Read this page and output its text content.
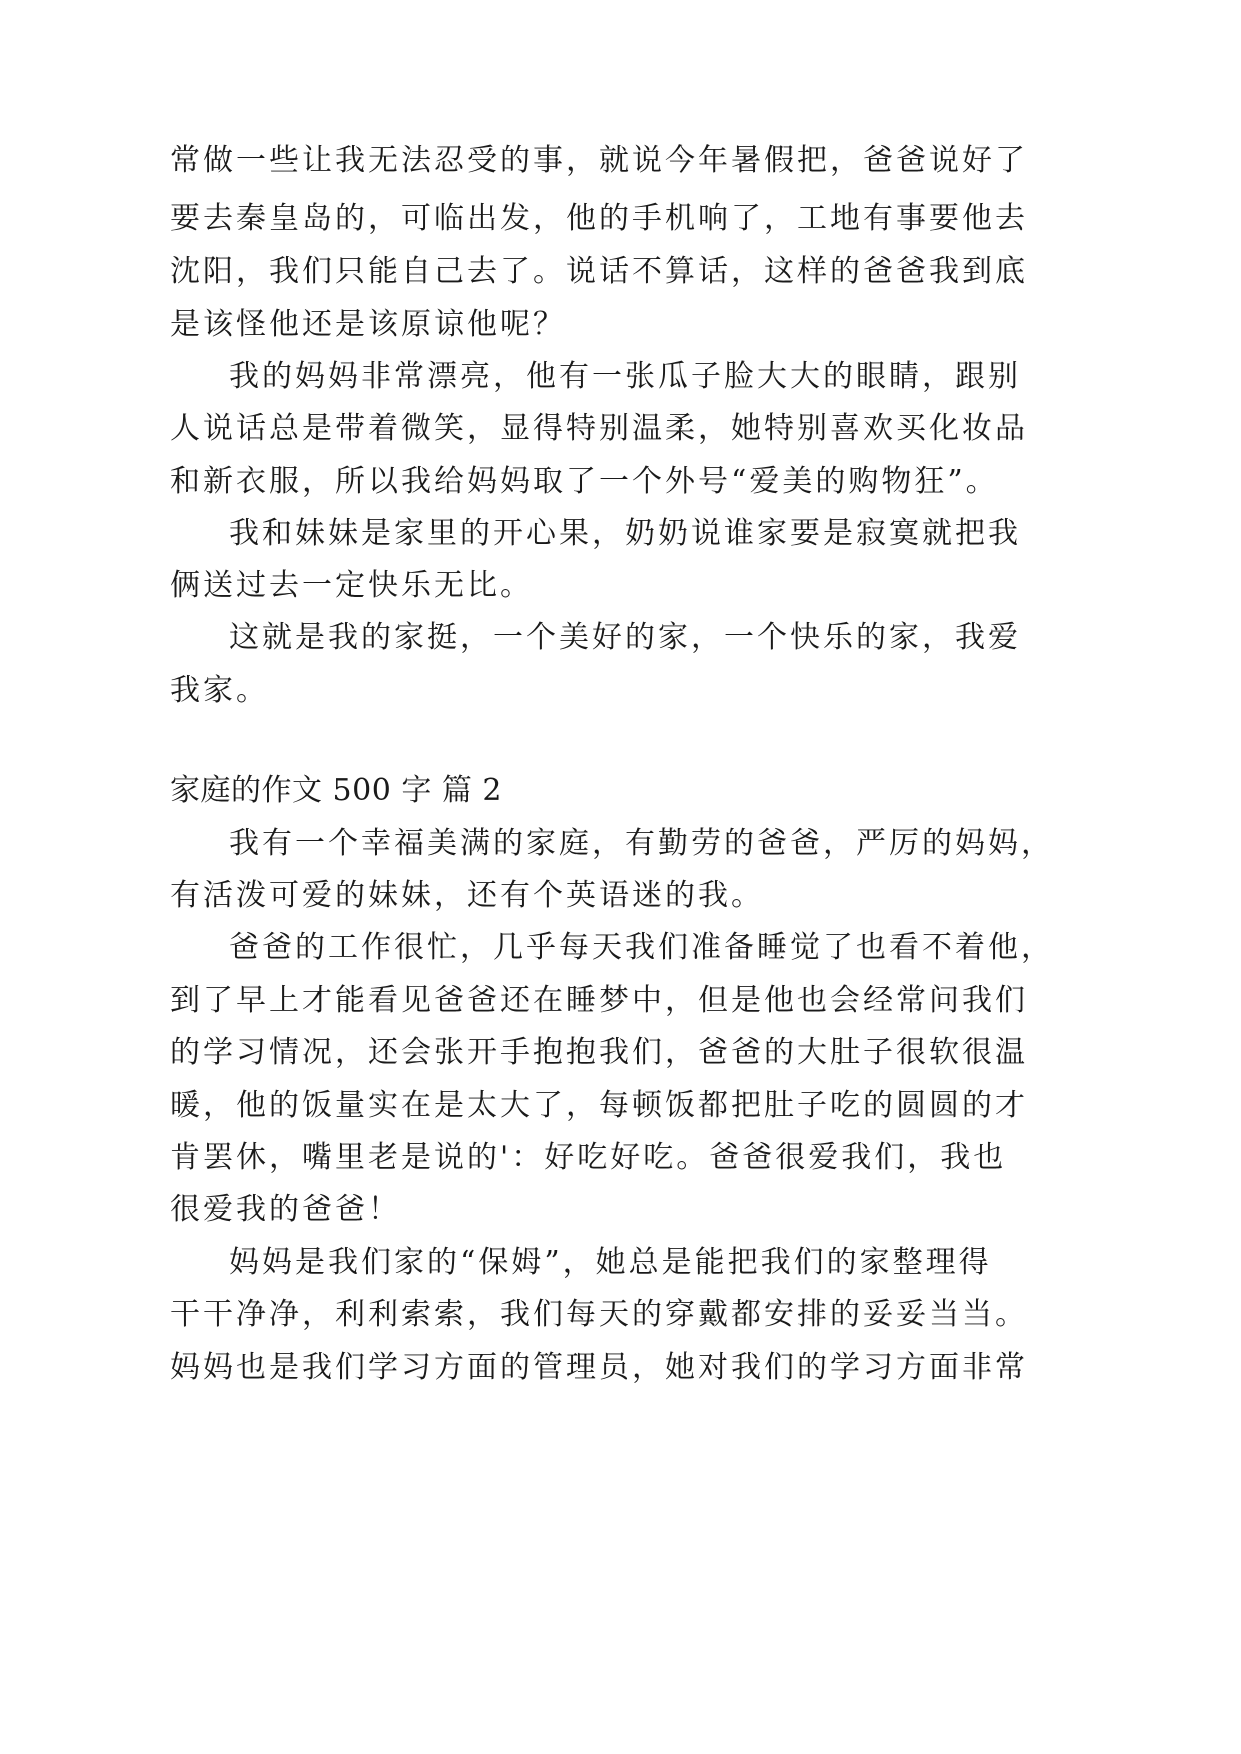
常做一些让我无法忍受的事，就说今年暑假把，爸爸说好了

要去秦皇岛的，可临出发，他的手机响了，工地有事要他去

沈阳，我们只能自己去了。说话不算话，这样的爸爸我到底

是该怪他还是该原谅他呢？

我的妈妈非常漂亮，他有一张瓜子脸大大的眼睛，跟别

人说话总是带着微笑，显得特别温柔，她特别喜欢买化妆品

和新衣服，所以我给妈妈取了一个外号“爱美的购物狂”。

我和妹妹是家里的开心果，奶奶说谁家要是寂寞就把我

俩送过去一定快乐无比。

这就是我的家挺，一个美好的家，一个快乐的家，我爱

我家。

家庭的作文 500 字 篇 2

我有一个幸福美满的家庭，有勤劳的爸爸，严厉的妈妈，

有活泼可爱的妹妹，还有个英语迷的我。

爸爸的工作很忙，几乎每天我们准备睡觉了也看不着他，

到了早上才能看见爸爸还在睡梦中，但是他也会经常问我们

的学习情况，还会张开手抱抱我们，爸爸的大肚子很软很温

暖，他的饭量实在是太大了，每顿饭都把肚子吃的圆圆的才

肯罢休，嘴里老是说的'：好吃好吃。爸爸很爱我们，我也

很爱我的爸爸！

妈妈是我们家的“保姆”，她总是能把我们的家整理得

干干净净，利利索索，我们每天的穿戴都安排的妥妥当当。

妈妈也是我们学习方面的管理员，她对我们的学习方面非常
